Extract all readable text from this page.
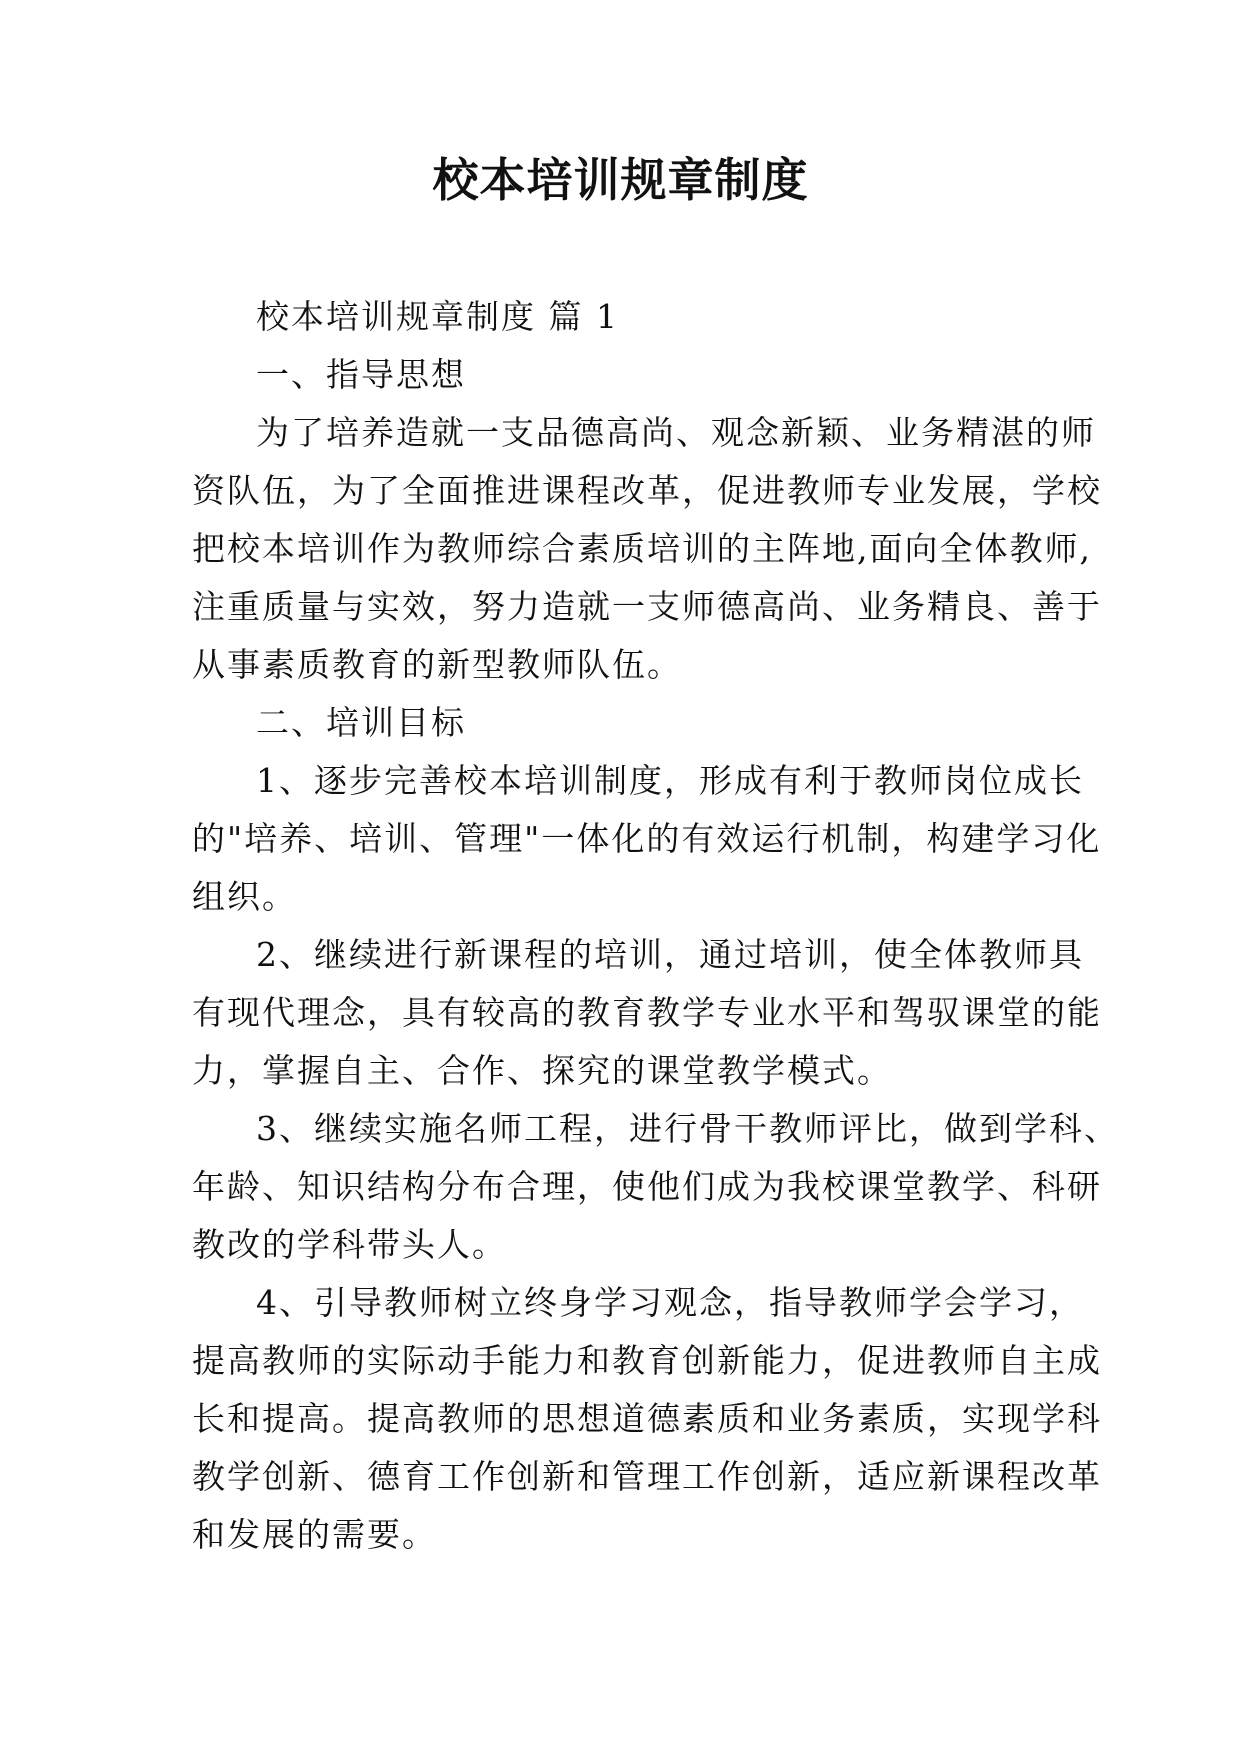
校本培训规章制度
校本培训规章制度 篇 1
一、指导思想
为了培养造就一支品德高尚、观念新颖、业务精湛的师
资队伍，为了全面推进课程改革，促进教师专业发展，学校
把校本培训作为教师综合素质培训的主阵地,面向全体教师,
注重质量与实效，努力造就一支师德高尚、业务精良、善于
从事素质教育的新型教师队伍。
二、培训目标
1、逐步完善校本培训制度，形成有利于教师岗位成长
的"培养、培训、管理"一体化的有效运行机制，构建学习化
组织。
2、继续进行新课程的培训，通过培训，使全体教师具
有现代理念，具有较高的教育教学专业水平和驾驭课堂的能
力，掌握自主、合作、探究的课堂教学模式。
3、继续实施名师工程，进行骨干教师评比，做到学科、
年龄、知识结构分布合理，使他们成为我校课堂教学、科研
教改的学科带头人。
4、引导教师树立终身学习观念，指导教师学会学习，
提高教师的实际动手能力和教育创新能力，促进教师自主成
长和提高。提高教师的思想道德素质和业务素质，实现学科
教学创新、德育工作创新和管理工作创新，适应新课程改革
和发展的需要。
